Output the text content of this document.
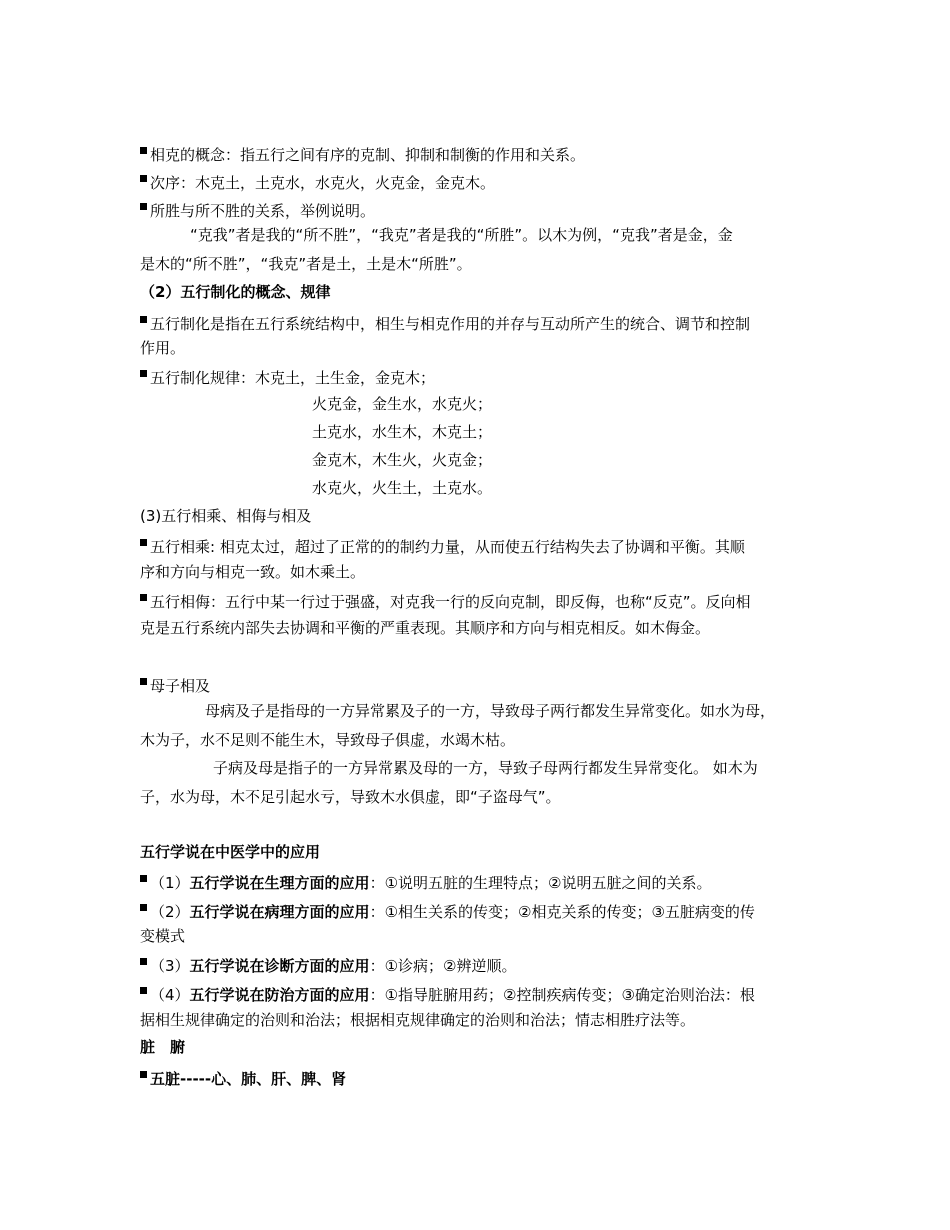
相克的概念：指五行之间有序的克制、抑制和制衡的作用和关系。
次序：木克土，土克水，水克火，火克金，金克木。
所胜与所不胜的关系，举例说明。
“克我”者是我的“所不胜”，“我克”者是我的“所胜”。以木为例，“克我”者是金，金
是木的“所不胜”，“我克”者是土，土是木“所胜”。
（2）五行制化的概念、规律
五行制化是指在五行系统结构中，相生与相克作用的并存与互动所产生的统合、调节和控制
作用。
五行制化规律：木克土，土生金，金克木；
火克金，金生水，水克火；
土克水，水生木，木克土；
金克木，木生火，火克金；
水克火，火生土，土克水。
(3)五行相乘、相侮与相及
五行相乘: 相克太过，超过了正常的的制约力量，从而使五行结构失去了协调和平衡。其顺
序和方向与相克一致。如木乘土。
五行相侮：五行中某一行过于强盛，对克我一行的反向克制，即反侮，也称“反克”。反向相
克是五行系统内部失去协调和平衡的严重表现。其顺序和方向与相克相反。如木侮金。
母子相及
母病及子是指母的一方异常累及子的一方，导致母子两行都发生异常变化。如水为母，
木为子，水不足则不能生木，导致母子俱虚，水竭木枯。
子病及母是指子的一方异常累及母的一方，导致子母两行都发生异常变化。 如木为
子，水为母，木不足引起水亏，导致木水俱虚，即“子盗母气”。
五行学说在中医学中的应用
（1）五行学说在生理方面的应用：①说明五脏的生理特点；②说明五脏之间的关系。
（2）五行学说在病理方面的应用：①相生关系的传变；②相克关系的传变；③五脏病变的传
变模式
（3）五行学说在诊断方面的应用：①诊病；②辨逆顺。
（4）五行学说在防治方面的应用：①指导脏腑用药；②控制疾病传变；③确定治则治法：根
据相生规律确定的治则和治法；根据相克规律确定的治则和治法；情志相胜疗法等。
脏　腑
五脏-----心、肺、肝、脾、肾
